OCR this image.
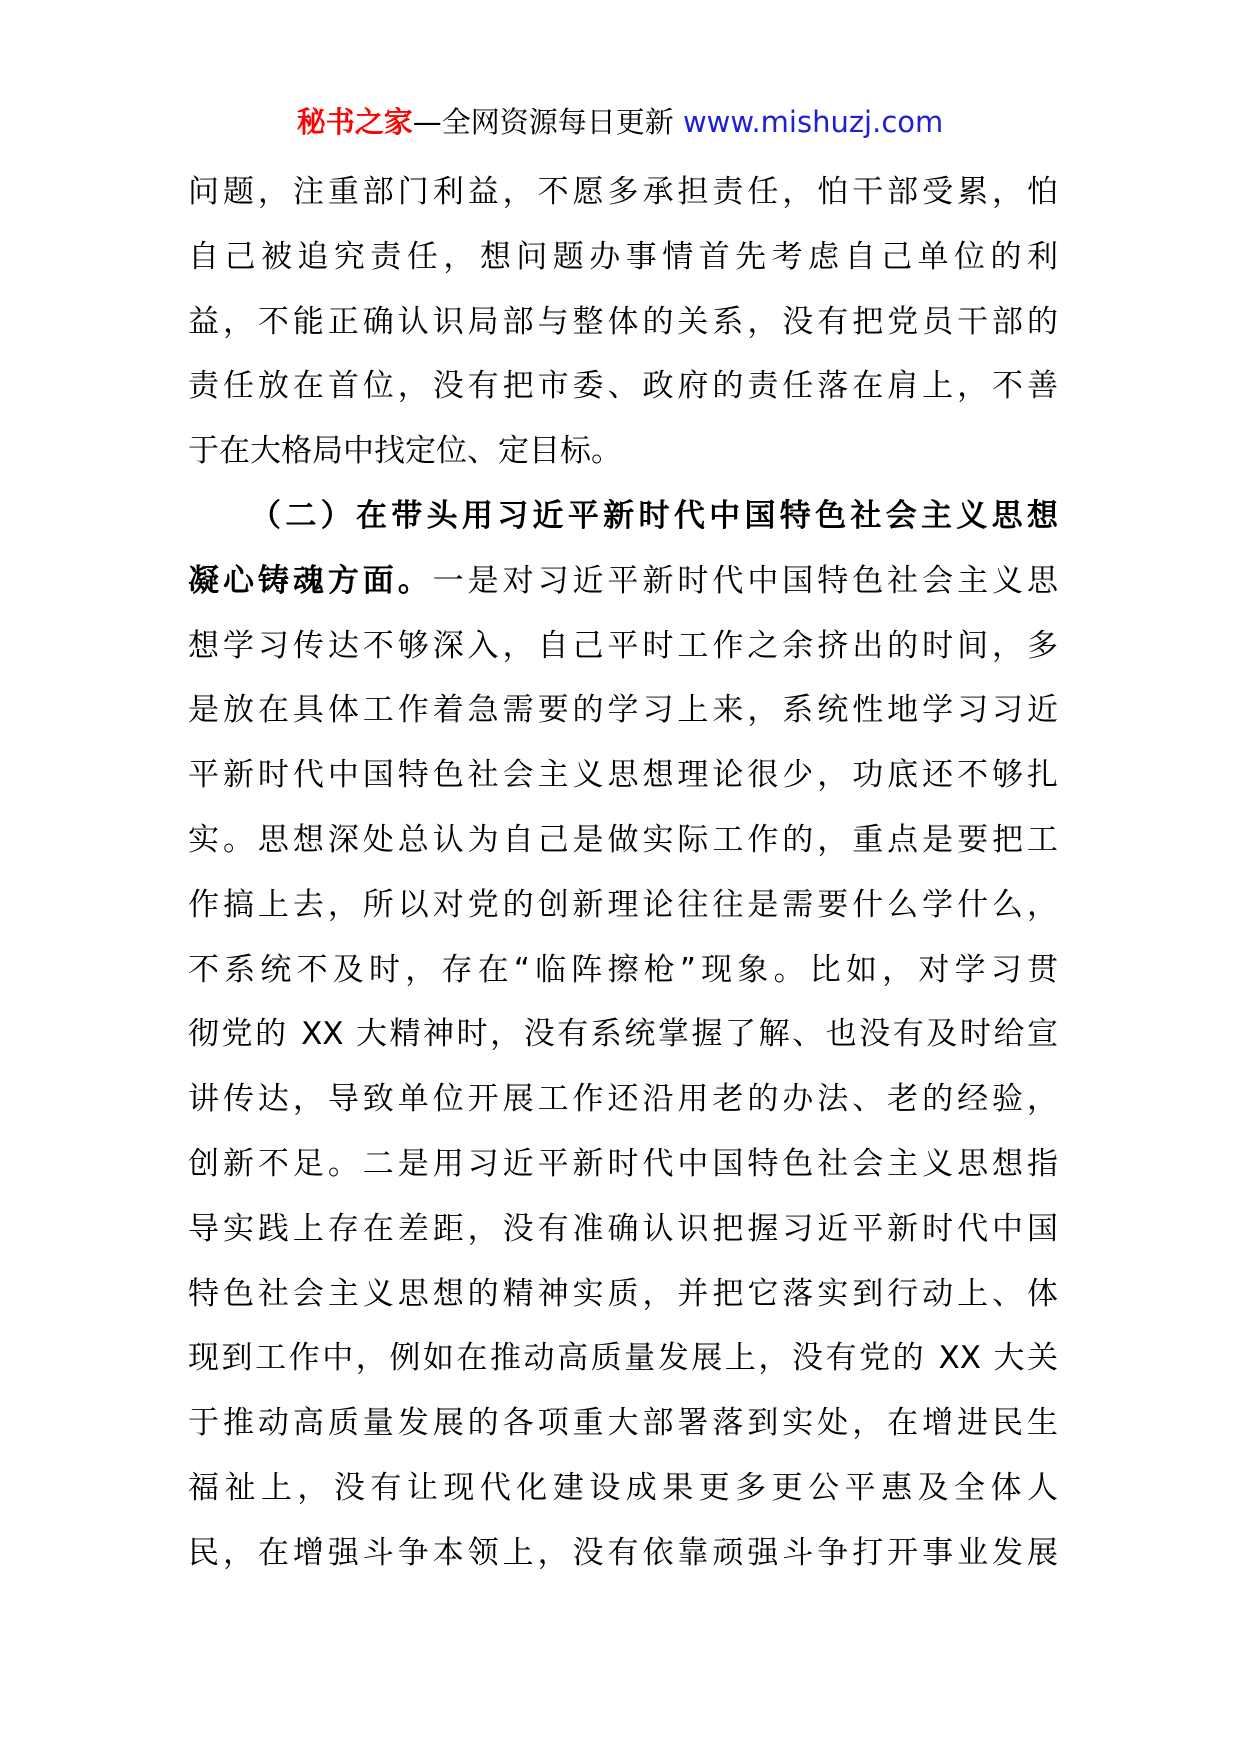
秘书之家—全网资源每日更新 www.mishuzj.com
问题，注重部门利益，不愿多承担责任，怕干部受累，怕
自己被追究责任，想问题办事情首先考虑自己单位的利
益，不能正确认识局部与整体的关系，没有把党员干部的
责任放在首位，没有把市委、政府的责任落在肩上，不善
于在大格局中找定位、定目标。
（二）在带头用习近平新时代中国特色社会主义思想
凝心铸魂方面。一是对习近平新时代中国特色社会主义思
想学习传达不够深入，自己平时工作之余挤出的时间，多
是放在具体工作着急需要的学习上来，系统性地学习习近
平新时代中国特色社会主义思想理论很少，功底还不够扎
实。思想深处总认为自己是做实际工作的，重点是要把工
作搞上去，所以对党的创新理论往往是需要什么学什么，
不系统不及时，存在“临阵擦枪”现象。比如，对学习贯
彻党的 XX 大精神时，没有系统掌握了解、也没有及时给宣
讲传达，导致单位开展工作还沿用老的办法、老的经验，
创新不足。二是用习近平新时代中国特色社会主义思想指
导实践上存在差距，没有准确认识把握习近平新时代中国
特色社会主义思想的精神实质，并把它落实到行动上、体
现到工作中，例如在推动高质量发展上，没有党的 XX 大关
于推动高质量发展的各项重大部署落到实处，在增进民生
福祉上，没有让现代化建设成果更多更公平惠及全体人
民，在增强斗争本领上，没有依靠顽强斗争打开事业发展
